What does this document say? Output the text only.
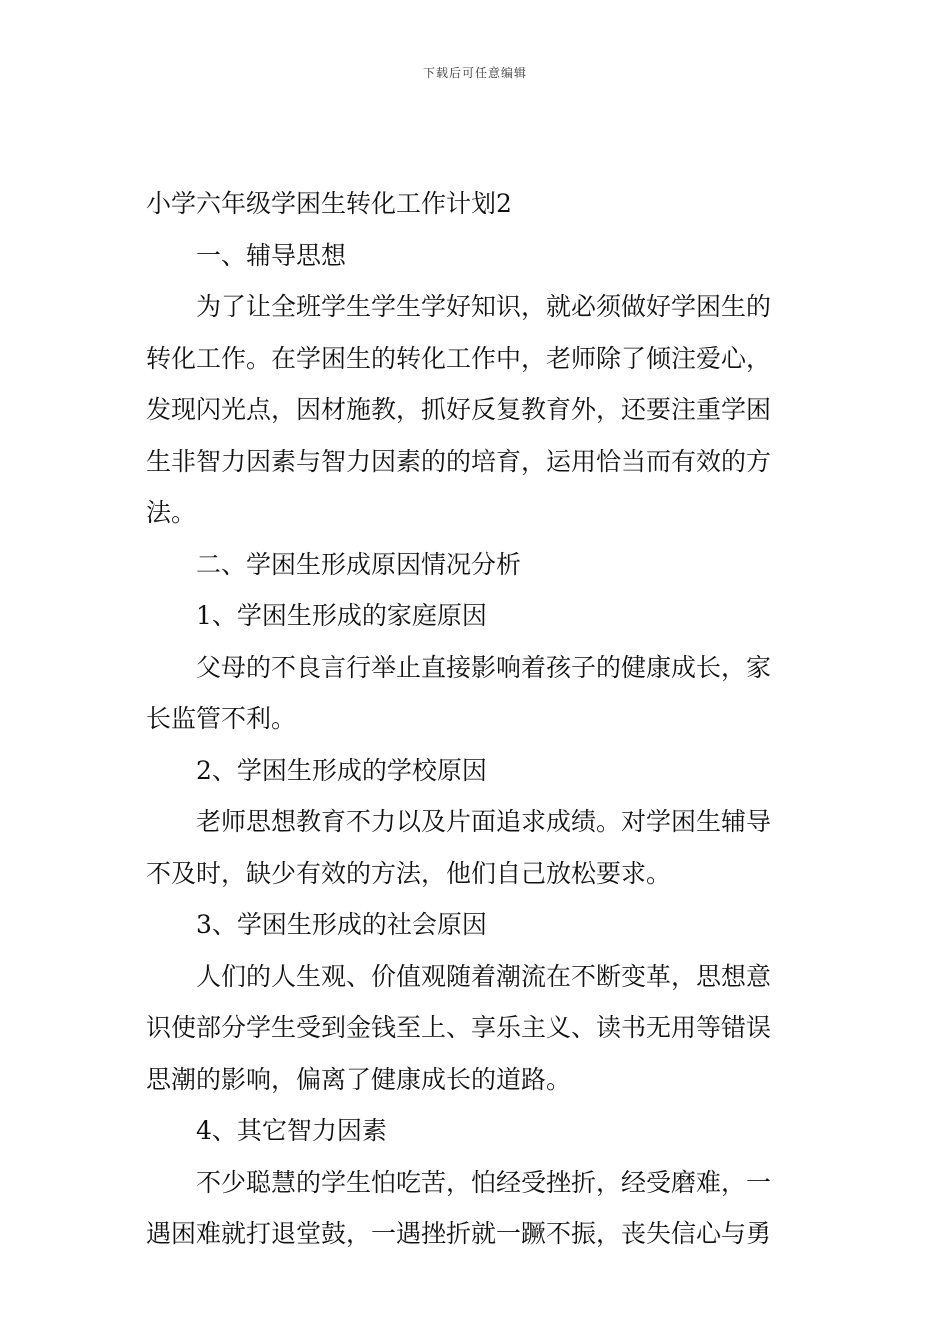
下载后可任意编辑
小学六年级学困生转化工作计划2
一、辅导思想
为了让全班学生学生学好知识，就必须做好学困生的
转化工作。在学困生的转化工作中，老师除了倾注爱心，
发现闪光点，因材施教，抓好反复教育外，还要注重学困
生非智力因素与智力因素的的培育，运用恰当而有效的方
法。
二、学困生形成原因情况分析
1、学困生形成的家庭原因
父母的不良言行举止直接影响着孩子的健康成长，家
长监管不利。
2、学困生形成的学校原因
老师思想教育不力以及片面追求成绩。对学困生辅导
不及时，缺少有效的方法，他们自己放松要求。
3、学困生形成的社会原因
人们的人生观、价值观随着潮流在不断变革，思想意
识使部分学生受到金钱至上、享乐主义、读书无用等错误
思潮的影响，偏离了健康成长的道路。
4、其它智力因素
不少聪慧的学生怕吃苦，怕经受挫折，经受磨难，一
遇困难就打退堂鼓，一遇挫折就一蹶不振，丧失信心与勇
